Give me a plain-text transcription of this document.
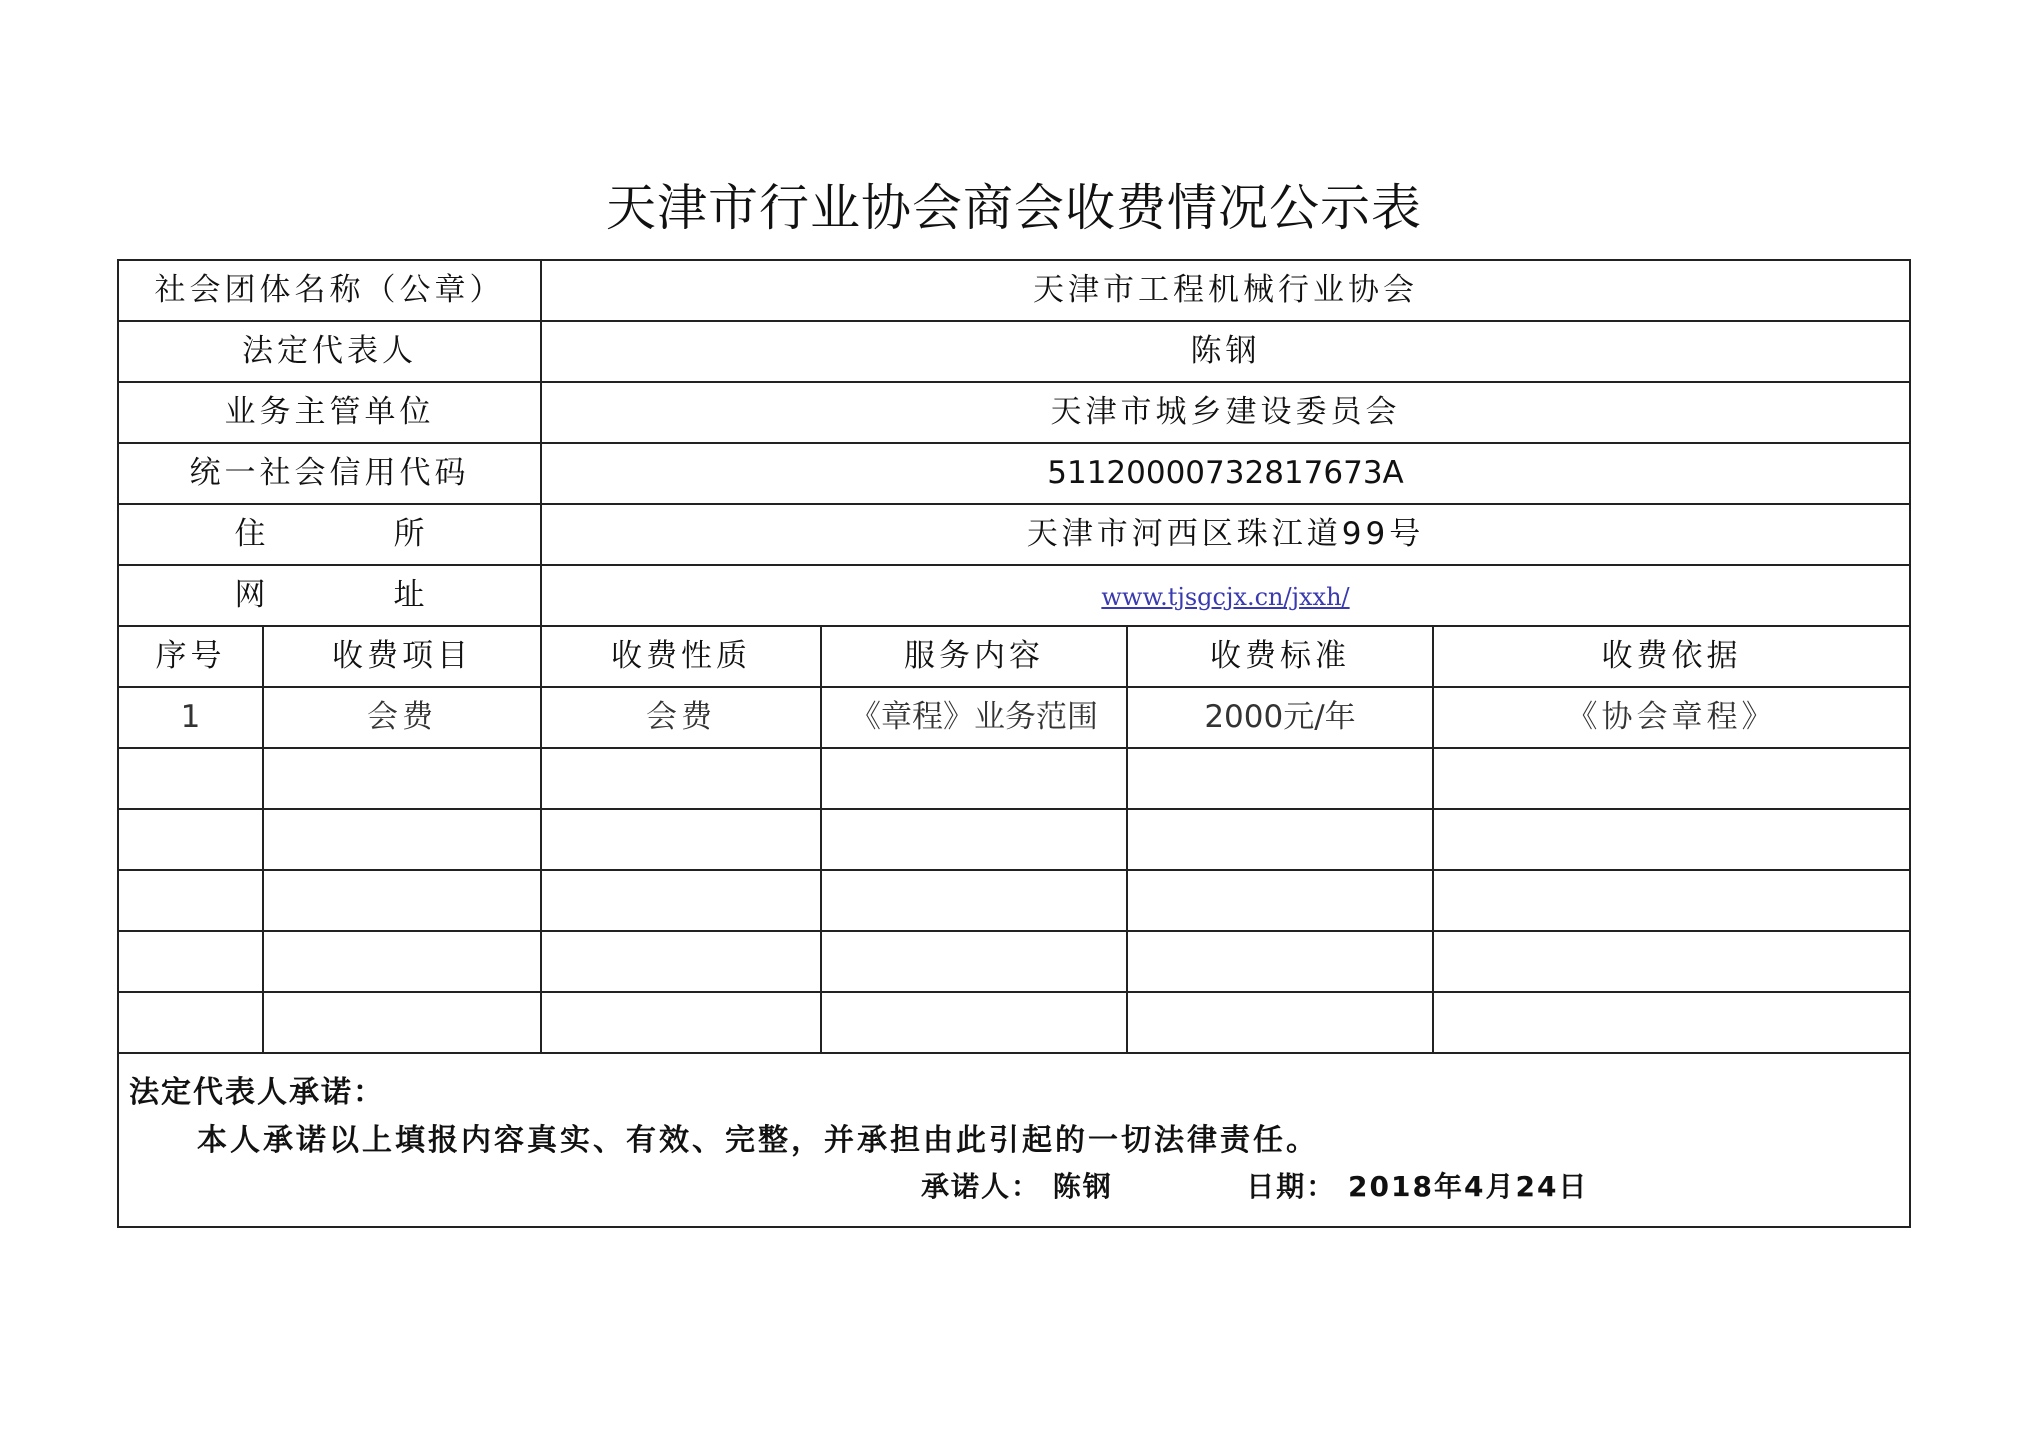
天津市行业协会商会收费情况公示表
社会团体名称（公章）		天津市工程机械行业协会			
法定代表人		陈钢			
业务主管单位		天津市城乡建设委员会			
统一社会信用代码		51120000732817673A			
住所		天津市河西区珠江道99号			
网址		www.tjsgcjx.cn/jxxh/			
序号	收费项目	收费性质	服务内容	收费标准	收费依据
1	会费	会费	《章程》业务范围	2000元/年	《协会章程》

法定代表人承诺：
本人承诺以上填报内容真实、有效、完整，并承担由此引起的一切法律责任。
承诺人： 陈钢 日期： 2018年4月24日					
